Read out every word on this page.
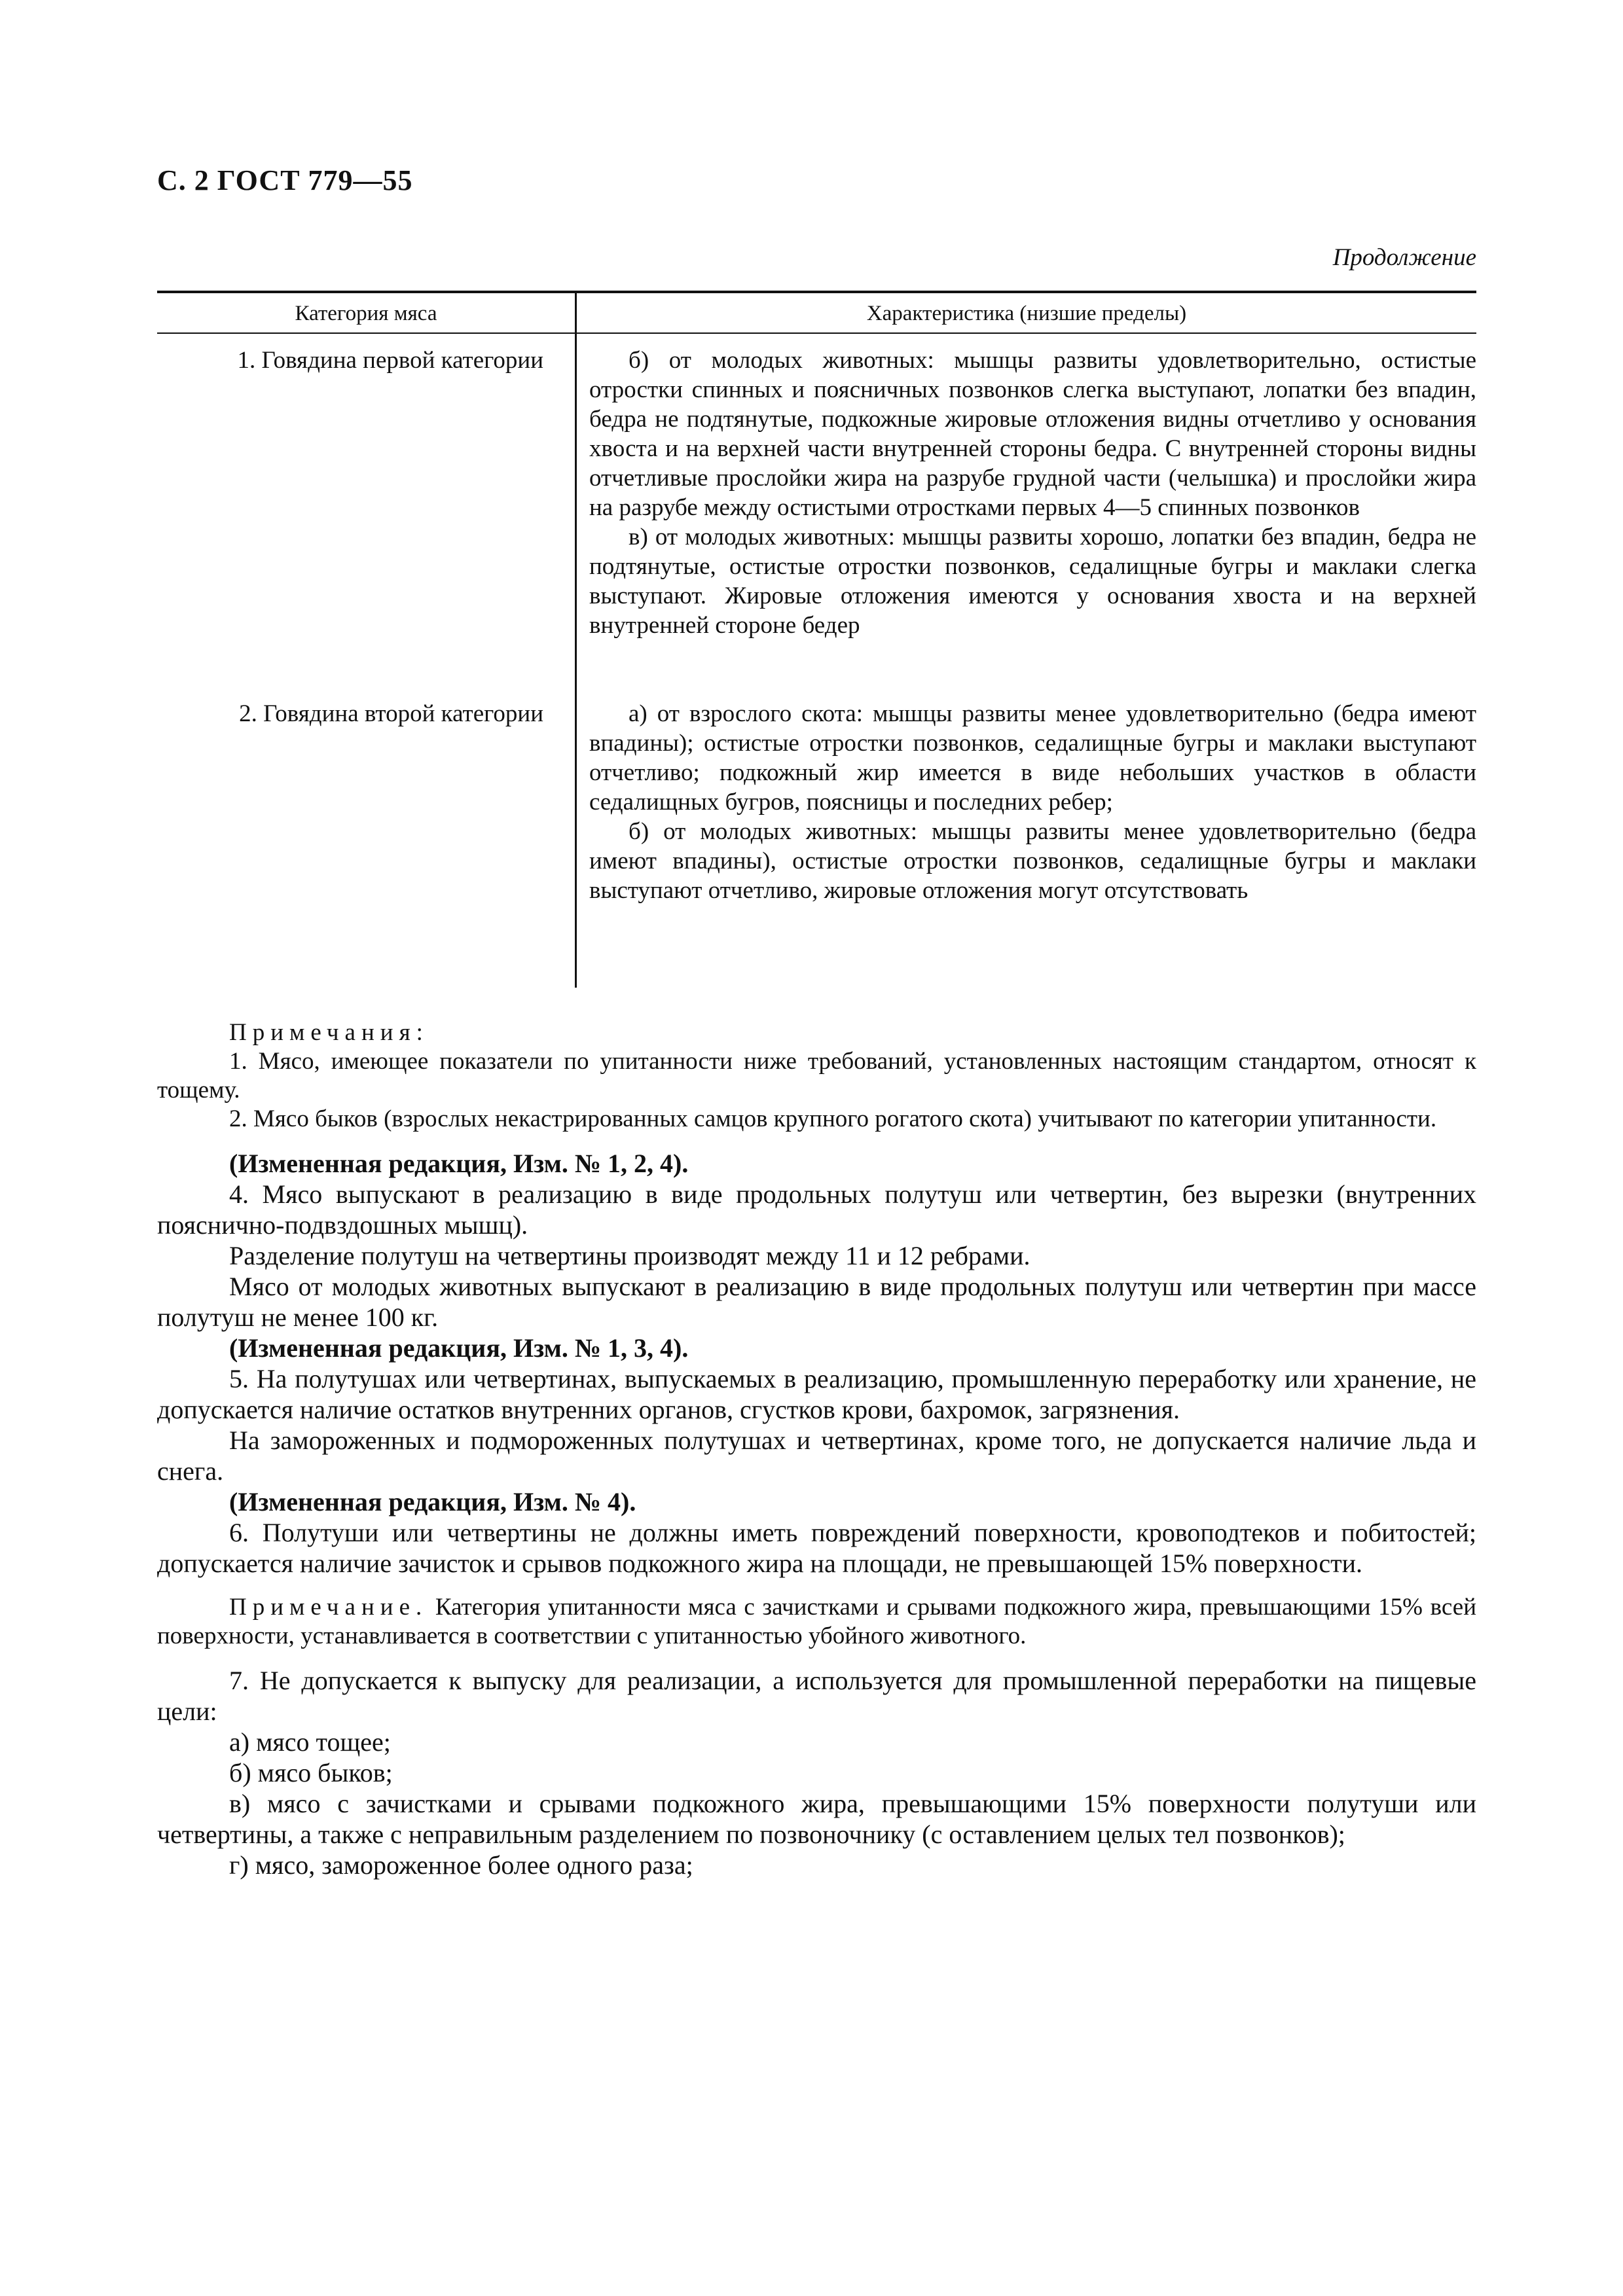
С. 2 ГОСТ 779—55
Продолжение
Категория мяса	Характеристика (низшие пределы)
1. Говядина первой категории	б) от молодых животных: мышцы развиты удовлетворительно, остистые отростки спинных и поясничных позвонков слегка выступают, лопатки без впадин, бедра не подтянутые, подкожные жировые отложения видны отчетливо у основания хвоста и на верхней части внутренней стороны бедра. С внутренней стороны видны отчетливые прослойки жира на разрубе грудной части (челышка) и прослойки жира на разрубе между остистыми отростками первых 4—5 спинных позвонков

в) от молодых животных: мышцы развиты хорошо, лопатки без впадин, бедра не подтянутые, остистые отростки позвонков, седалищные бугры и маклаки слегка выступают. Жировые отложения имеются у основания хвоста и на верхней внутренней стороне бедер

2. Говядина второй категории	а) от взрослого скота: мышцы развиты менее удовлетворительно (бедра имеют впадины); остистые отростки позвонков, седалищные бугры и маклаки выступают отчетливо; подкожный жир имеется в виде небольших участков в области седалищных бугров, поясницы и последних ребер;

б) от молодых животных: мышцы развиты менее удовлетворительно (бедра имеют впадины), остистые отростки позвонков, седалищные бугры и маклаки выступают отчетливо, жировые отложения могут отсутствовать

Примечания:

1. Мясо, имеющее показатели по упитанности ниже требований, установленных настоящим стандартом, относят к тощему.

2. Мясо быков (взрослых некастрированных самцов крупного рогатого скота) учитывают по категории упитанности.

(Измененная редакция, Изм. № 1, 2, 4).

4. Мясо выпускают в реализацию в виде продольных полутуш или четвертин, без вырезки (внутренних пояснично-подвздошных мышц).

Разделение полутуш на четвертины производят между 11 и 12 ребрами.

Мясо от молодых животных выпускают в реализацию в виде продольных полутуш или четвертин при массе полутуш не менее 100 кг.

(Измененная редакция, Изм. № 1, 3, 4).

5. На полутушах или четвертинах, выпускаемых в реализацию, промышленную переработку или хранение, не допускается наличие остатков внутренних органов, сгустков крови, бахромок, загрязнения.

На замороженных и подмороженных полутушах и четвертинах, кроме того, не допускается наличие льда и снега.

(Измененная редакция, Изм. № 4).

6. Полутуши или четвертины не должны иметь повреждений поверхности, кровоподтеков и побитостей; допускается наличие зачисток и срывов подкожного жира на площади, не превышающей 15% поверхности.

Примечание. Категория упитанности мяса с зачистками и срывами подкожного жира, превышающими 15% всей поверхности, устанавливается в соответствии с упитанностью убойного животного.

7. Не допускается к выпуску для реализации, а используется для промышленной переработки на пищевые цели:

а) мясо тощее;

б) мясо быков;

в) мясо с зачистками и срывами подкожного жира, превышающими 15% поверхности полутуши или четвертины, а также с неправильным разделением по позвоночнику (с оставлением целых тел позвонков);

г) мясо, замороженное более одного раза;
